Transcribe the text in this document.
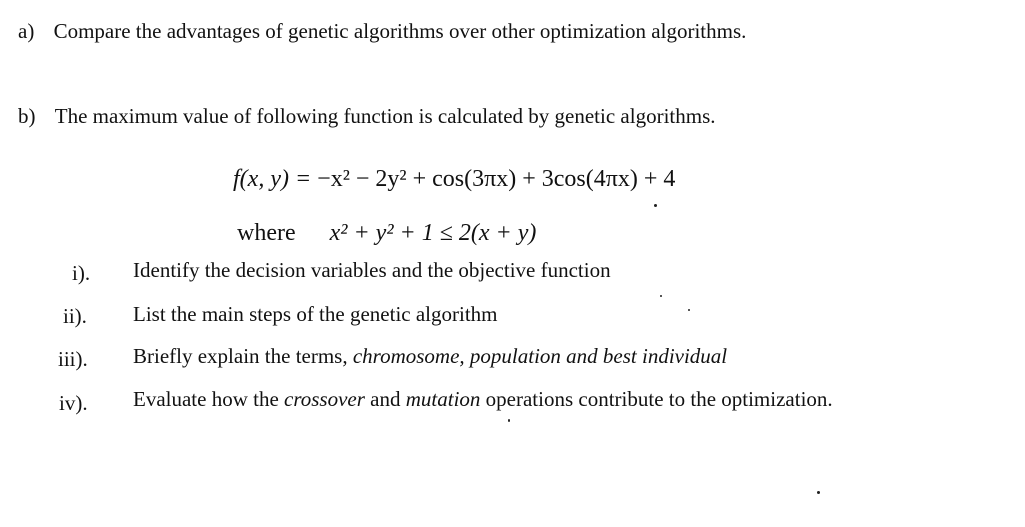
a) Compare the advantages of genetic algorithms over other optimization algorithms.
b) The maximum value of following function is calculated by genetic algorithms.
f(x, y) = −x² − 2y² + cos(3πx) + 3cos(4πx) + 4
where x² + y² + 1 ≤ 2(x + y)
i). Identify the decision variables and the objective function
ii). List the main steps of the genetic algorithm
iii). Briefly explain the terms, chromosome, population and best individual
iv). Evaluate how the crossover and mutation operations contribute to the optimization.
